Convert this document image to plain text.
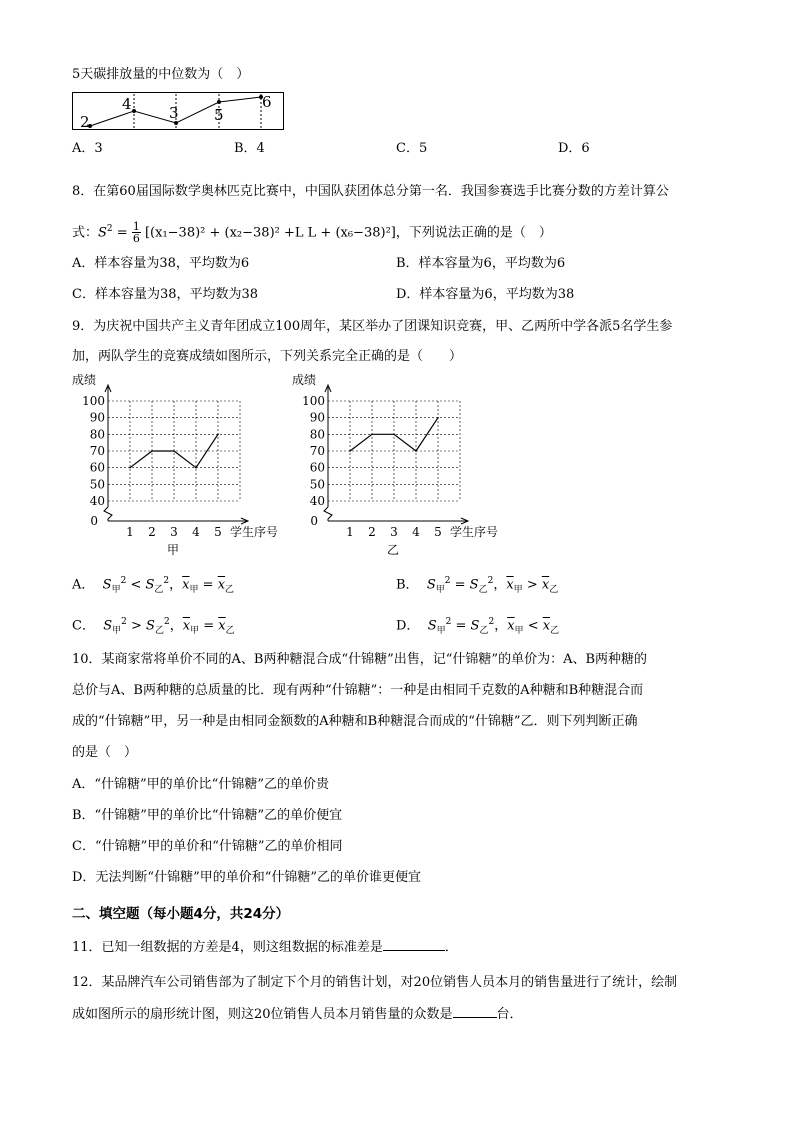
5天碳排放量的中位数为（　）
2
4 3 5
6
A．3	B．4	C．5	D．6
8．在第60届国际数学奥林匹克比赛中，中国队获团体总分第一名．我国参赛选手比赛分数的方差计算公
式：$S^2 = \frac{1}{6} [(x_1-38)^2 + (x_2-38)^2 +L$ L + (x₆−38)²]，下列说法正确的是（　）
A．样本容量为38，平均数为6	B．样本容量为6，平均数为6
C．样本容量为38，平均数为38	D．样本容量为6，平均数为38
9．为庆祝中国共产主义青年团成立100周年，某区举办了团课知识竞赛，甲、乙两所中学各派5名学生参
加，两队学生的竞赛成绩如图所示，下列关系完全正确的是（　　）
100
90
80
70
60
50
40
0
1 2 3 4 5
成绩
学生序号
甲
100
90
80
70
60
50
40
0
1 2 3 4 5
成绩
学生序号
乙
A． $S_甲^2 < S_乙^2$，$\overline{x}_甲 = \overline{x}_乙$	B． $S_甲^2 = S_乙^2$，$\overline{x}_甲 > \overline{x}_乙$
C． $S_甲^2 > S_乙^2$，$\overline{x}_甲 = \overline{x}_乙$	D． $S_甲^2 = S_乙^2$，$\overline{x}_甲 < \overline{x}_乙$
10．某商家常将单价不同的A、B两种糖混合成“什锦糖”出售，记“什锦糖”的单价为：A、B两种糖的
总价与A、B两种糖的总质量的比．现有两种“什锦糖”：一种是由相同千克数的A种糖和B种糖混合而
成的“什锦糖”甲，另一种是由相同金额数的A种糖和B种糖混合而成的“什锦糖”乙．则下列判断正确
的是（　）
A．“什锦糖”甲的单价比“什锦糖”乙的单价贵
B．“什锦糖”甲的单价比“什锦糖”乙的单价便宜
C．“什锦糖”甲的单价和“什锦糖”乙的单价相同
D．无法判断“什锦糖”甲的单价和“什锦糖”乙的单价谁更便宜
二、填空题（每小题4分，共24分）
11．已知一组数据的方差是4，则这组数据的标准差是	．
12．某品牌汽车公司销售部为了制定下个月的销售计划，对20位销售人员本月的销售量进行了统计，绘制
成如图所示的扇形统计图，则这20位销售人员本月销售量的众数是	台．
